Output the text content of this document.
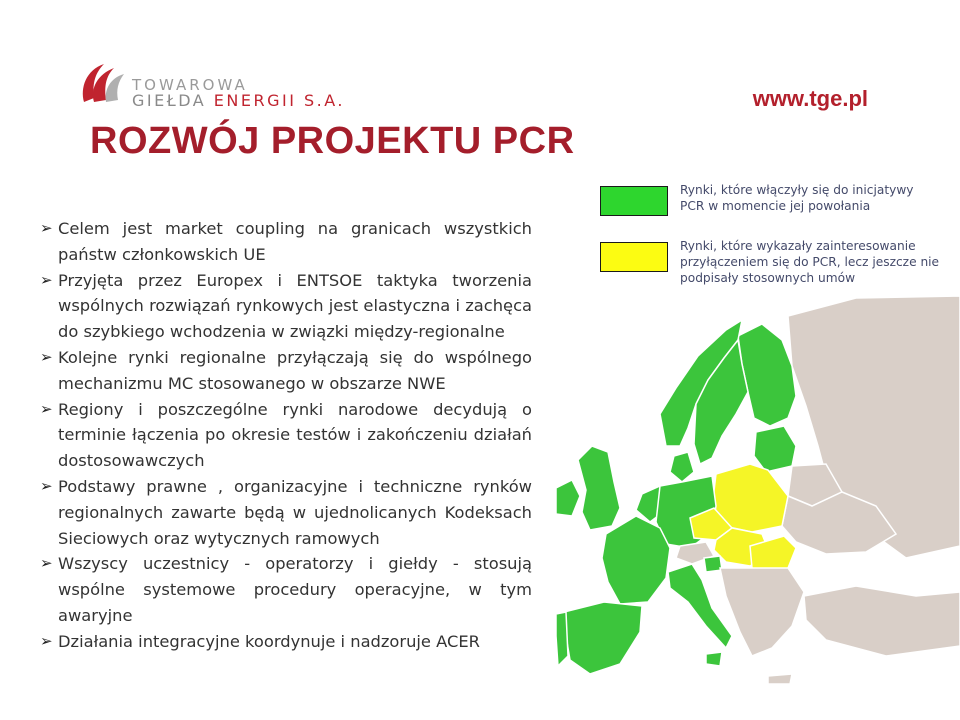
TOWAROWA
GIEŁDA ENERGII S.A.	www.tge.pl
ROZWÓJ PROJEKTU PCR
➢ Celem jest market coupling na granicach wszystkich państw członkowskich UE
➢ Przyjęta przez Europex i ENTSOE taktyka tworzenia wspólnych rozwiązań rynkowych jest elastyczna i zachęca do szybkiego wchodzenia w związki między-regionalne
➢ Kolejne rynki regionalne przyłączają się do wspólnego mechanizmu MC stosowanego w obszarze NWE
➢ Regiony i poszczególne rynki narodowe decydują o terminie łączenia po okresie testów i zakończeniu działań dostosowawczych
➢ Podstawy prawne , organizacyjne i techniczne rynków regionalnych zawarte będą w ujednolicanych Kodeksach Sieciowych oraz wytycznych ramowych
➢ Wszyscy uczestnicy - operatorzy i giełdy - stosują wspólne systemowe procedury operacyjne, w tym awaryjne
➢ Działania integracyjne koordynuje i nadzoruje ACER
Rynki, które włączyły się do inicjatywy PCR w momencie jej powołania
Rynki, które wykazały zainteresowanie przyłączeniem się do PCR, lecz jeszcze nie podpisały stosownych umów
